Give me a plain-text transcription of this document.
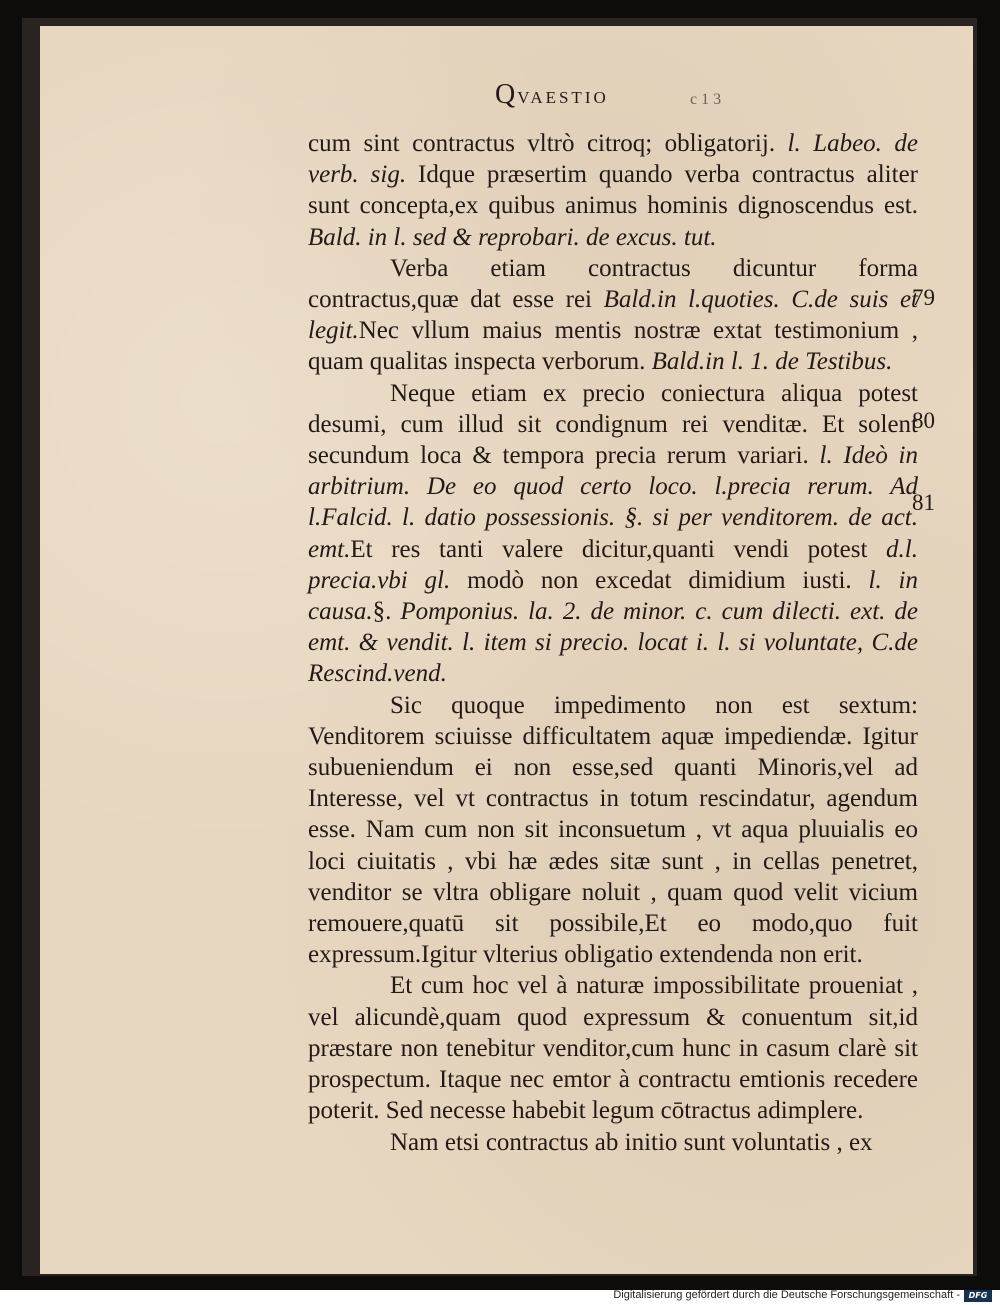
QVAESTIO	c 1 3

cum sint contractus vltrò citroq; obligatorij. l. Labeo. de verb. sig. Idque præsertim quando verba contractus aliter sunt concepta,ex quibus animus hominis dignoscendus est. Bald. in l. sed & reprobari. de excus. tut.

Verba etiam contractus dicuntur forma contractus,quæ dat esse rei Bald.in l.quoties. C.de suis et legit.Nec vllum maius mentis nostræ extat testimonium , quam qualitas inspecta verborum. Bald.in l. 1. de Testibus.

Neque etiam ex precio coniectura aliqua potest desumi, cum illud sit condignum rei venditæ. Et solent secundum loca & tempora precia rerum variari. l. Ideò in arbitrium. De eo quod certo loco. l.precia rerum. Ad l.Falcid. l. datio possessionis. §. si per venditorem. de act. emt.Et res tanti valere dicitur,quanti vendi potest d.l. precia.vbi gl. modò non excedat dimidium iusti. l. in causa.§. Pomponius. la. 2. de minor. c. cum dilecti. ext. de emt. & vendit. l. item si precio. locat i. l. si voluntate, C.de Rescind.vend.

Sic quoque impedimento non est sextum: Venditorem sciuisse difficultatem aquæ impediendæ. Igitur subueniendum ei non esse,sed quanti Minoris,vel ad Interesse, vel vt contractus in totum rescindatur, agendum esse. Nam cum non sit inconsuetum , vt aqua pluuialis eo loci ciuitatis , vbi hæ ædes sitæ sunt , in cellas penetret, venditor se vltra obligare noluit , quam quod velit vicium remouere,quatū sit possibile,Et eo modo,quo fuit expressum.Igitur vlterius obligatio extendenda non erit.

Et cum hoc vel à naturæ impossibilitate proueniat , vel alicundè,quam quod expressum & conuentum sit,id præstare non tenebitur venditor,cum hunc in casum clarè sit prospectum. Itaque nec emtor à contractu emtionis recedere poterit. Sed necesse habebit legum cōtractus adimplere.

Nam etsi contractus ab initio sunt voluntatis , ex

79
80
81
Digitalisierung gefördert durch die Deutsche Forschungsgemeinschaft -	DFG
